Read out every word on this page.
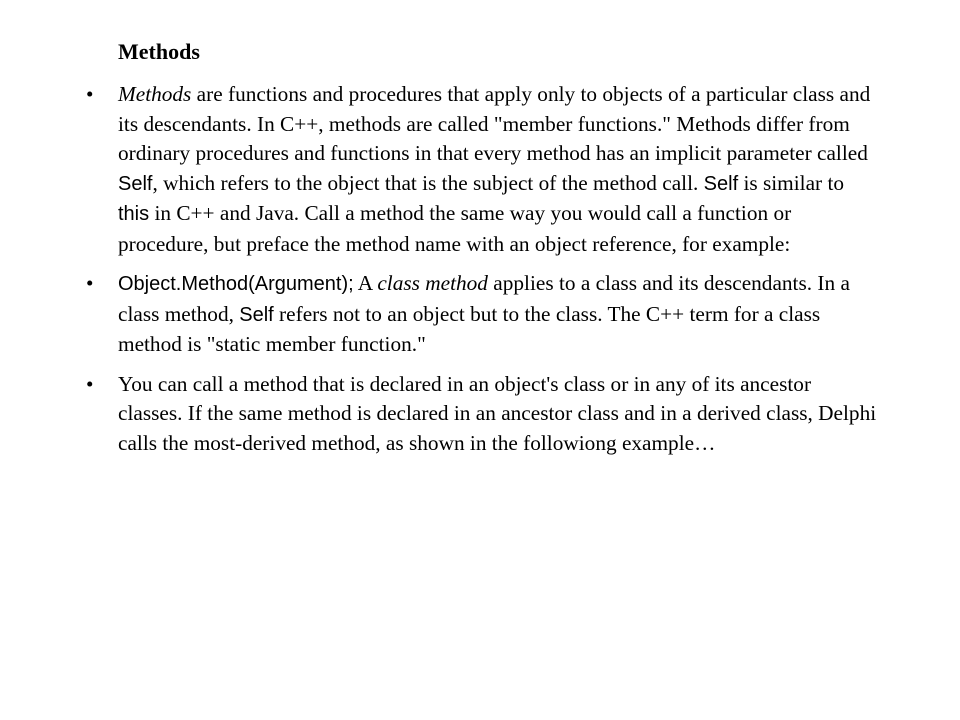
Methods
• Methods are functions and procedures that apply only to objects of a particular class and its descendants. In C++, methods are called "member functions." Methods differ from ordinary procedures and functions in that every method has an implicit parameter called Self, which refers to the object that is the subject of the method call. Self is similar to this in C++ and Java. Call a method the same way you would call a function or procedure, but preface the method name with an object reference, for example:
• Object.Method(Argument); A class method applies to a class and its descendants. In a class method, Self refers not to an object but to the class. The C++ term for a class method is "static member function."
• You can call a method that is declared in an object's class or in any of its ancestor classes. If the same method is declared in an ancestor class and in a derived class, Delphi calls the most-derived method, as shown in the followiong example…
